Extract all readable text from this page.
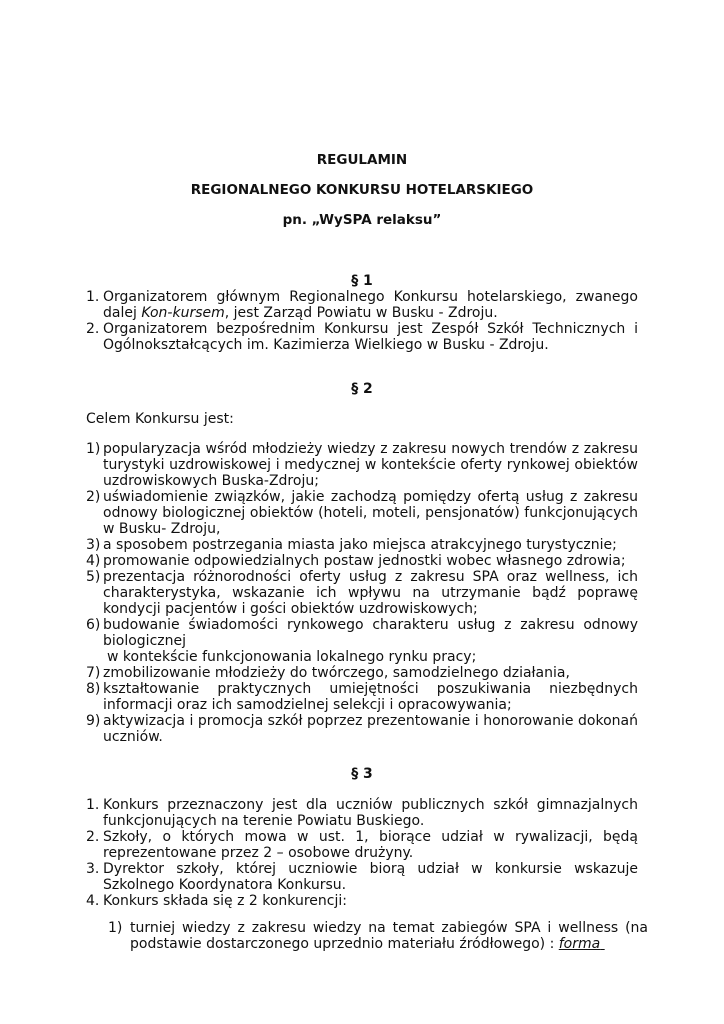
REGULAMIN

REGIONALNEGO KONKURSU HOTELARSKIEGO

pn. „WySPA relaksu”

§ 1

1. Organizatorem głównym Regionalnego Konkursu hotelarskiego, zwanego dalej Kon-kursem, jest Zarząd Powiatu w Busku - Zdroju.
2. Organizatorem bezpośrednim Konkursu jest Zespół Szkół Technicznych i Ogólnokształcących im. Kazimierza Wielkiego w Busku - Zdroju.

§ 2

Celem Konkursu jest:

1) popularyzacja wśród młodzieży wiedzy z zakresu nowych trendów z zakresu turystyki uzdrowiskowej i medycznej w kontekście oferty rynkowej obiektów uzdrowiskowych Buska-Zdroju;
2) uświadomienie związków, jakie zachodzą pomiędzy ofertą usług z zakresu odnowy biologicznej obiektów (hoteli, moteli, pensjonatów) funkcjonujących w Busku- Zdroju,
3) a sposobem postrzegania miasta jako miejsca atrakcyjnego turystycznie;
4) promowanie odpowiedzialnych postaw jednostki wobec własnego zdrowia;
5) prezentacja różnorodności oferty usług z zakresu SPA oraz wellness, ich charakterystyka, wskazanie ich wpływu na utrzymanie bądź poprawę kondycji pacjentów i gości obiektów uzdrowiskowych;
6) budowanie świadomości rynkowego charakteru usług z zakresu odnowy biologicznej
w kontekście funkcjonowania lokalnego rynku pracy;
7) zmobilizowanie młodzieży do twórczego, samodzielnego działania,
8) kształtowanie praktycznych umiejętności poszukiwania niezbędnych informacji oraz ich samodzielnej selekcji i opracowywania;
9) aktywizacja i promocja szkół poprzez prezentowanie i honorowanie dokonań uczniów.

§ 3

1. Konkurs przeznaczony jest dla uczniów publicznych szkół gimnazjalnych funkcjonujących na terenie Powiatu Buskiego.
2. Szkoły, o których mowa w ust. 1, biorące udział w rywalizacji, będą reprezentowane przez 2 – osobowe drużyny.
3. Dyrektor szkoły, której uczniowie biorą udział w konkursie wskazuje Szkolnego Koordynatora Konkursu.
4. Konkurs składa się z 2 konkurencji:
1) turniej wiedzy z zakresu wiedzy na temat zabiegów SPA i wellness (na podstawie dostarczonego uprzednio materiału źródłowego) : forma
